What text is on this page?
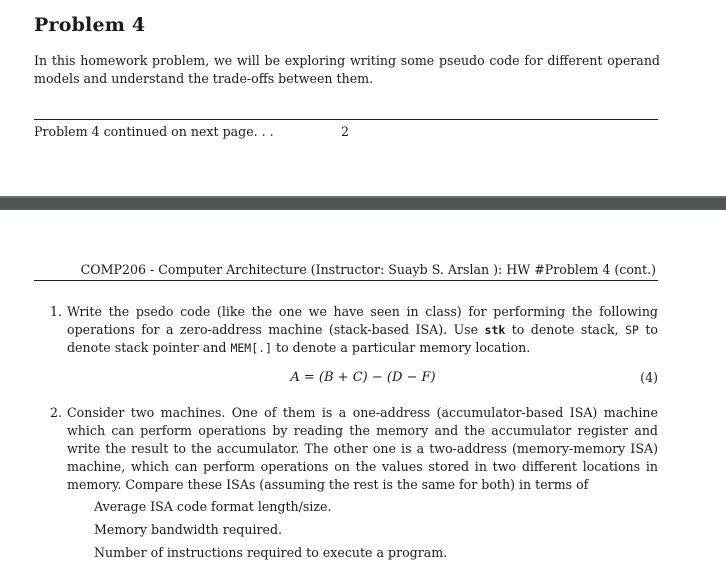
Problem 4
In this homework problem, we will be exploring writing some pseudo code for different operand models and understand the trade-offs between them.
Problem 4 continued on next page. . .	2
COMP206 - Computer Architecture (Instructor: Suayb S. Arslan ): HW #Problem 4 (cont.)
1. Write the psedo code (like the one we have seen in class) for performing the following operations for a zero-address machine (stack-based ISA). Use stk to denote stack, SP to denote stack pointer and MEM[.] to denote a particular memory location.
A = (B + C) − (D − F)	(4)
2. Consider two machines. One of them is a one-address (accumulator-based ISA) machine which can perform operations by reading the memory and the accumulator register and write the result to the accumulator. The other one is a two-address (memory-memory ISA) machine, which can perform operations on the values stored in two different locations in memory. Compare these ISAs (assuming the rest is the same for both) in terms of
Average ISA code format length/size.
Memory bandwidth required.
Number of instructions required to execute a program.
